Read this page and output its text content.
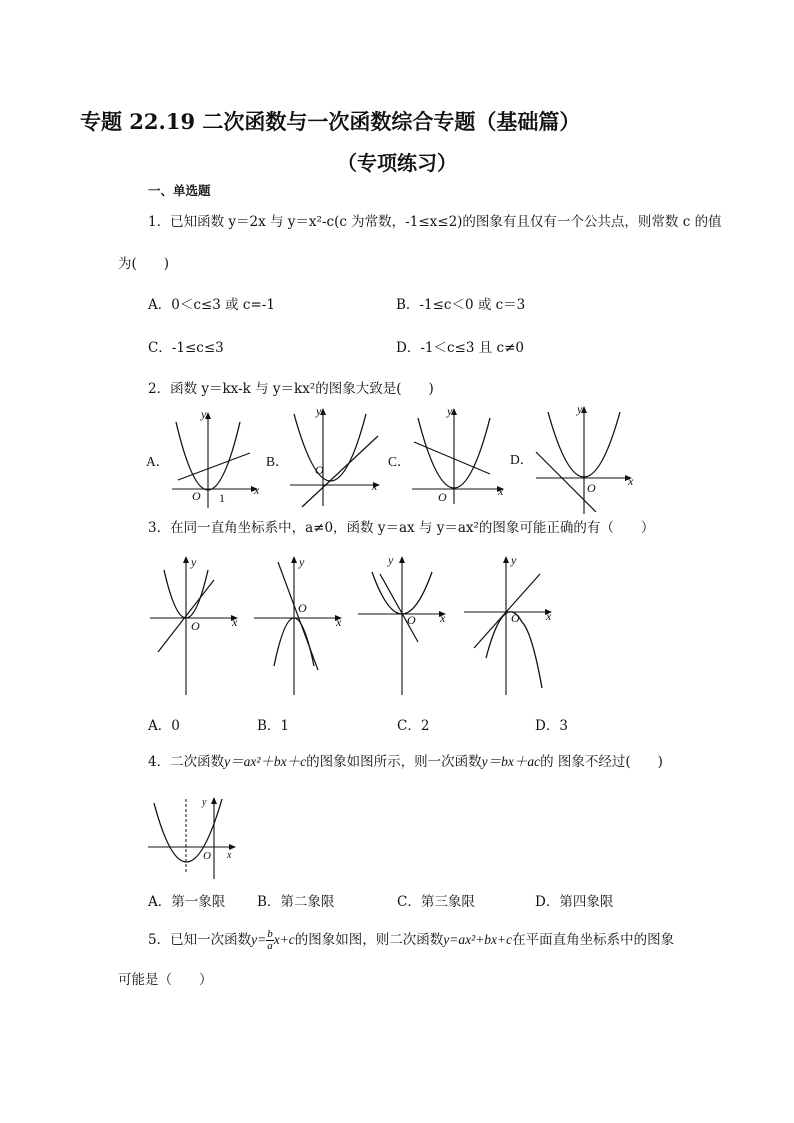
专题 22.19 二次函数与一次函数综合专题（基础篇）
（专项练习）
一、单选题
1．已知函数 y＝2x 与 y＝x²-c(c 为常数，-1≤x≤2)的图象有且仅有一个公共点，则常数 c 的值
为(　　)
A．0＜c≤3 或 c=-1	B．-1≤c＜0 或 c＝3
C．-1≤c≤3	D．-1＜c≤3 且 c≠0
2．函数 y＝kx-k 与 y＝kx²的图象大致是(　　)
A．
y
x
O 1
B．
y
x
O
C．
y
x
O
D．
y
x
O
3．在同一直角坐标系中，a≠0，函数 y＝ax 与 y＝ax²的图象可能正确的有（　　）
y
x
O
y
x
O
y
x
O
y
x
O
A．0	B．1	C．2	D．3
4．二次函数y＝ax²＋bx＋c的图象如图所示，则一次函数y＝bx＋ac的 图象不经过(　　)
y
x
O
A．第一象限 B．第二象限	C．第三象限	D．第四象限
5．已知一次函数$y= \frac{b}{a} x+c$的图象如图，则二次函数y=ax²+bx+c在平面直角坐标系中的图象
可能是（　　）
